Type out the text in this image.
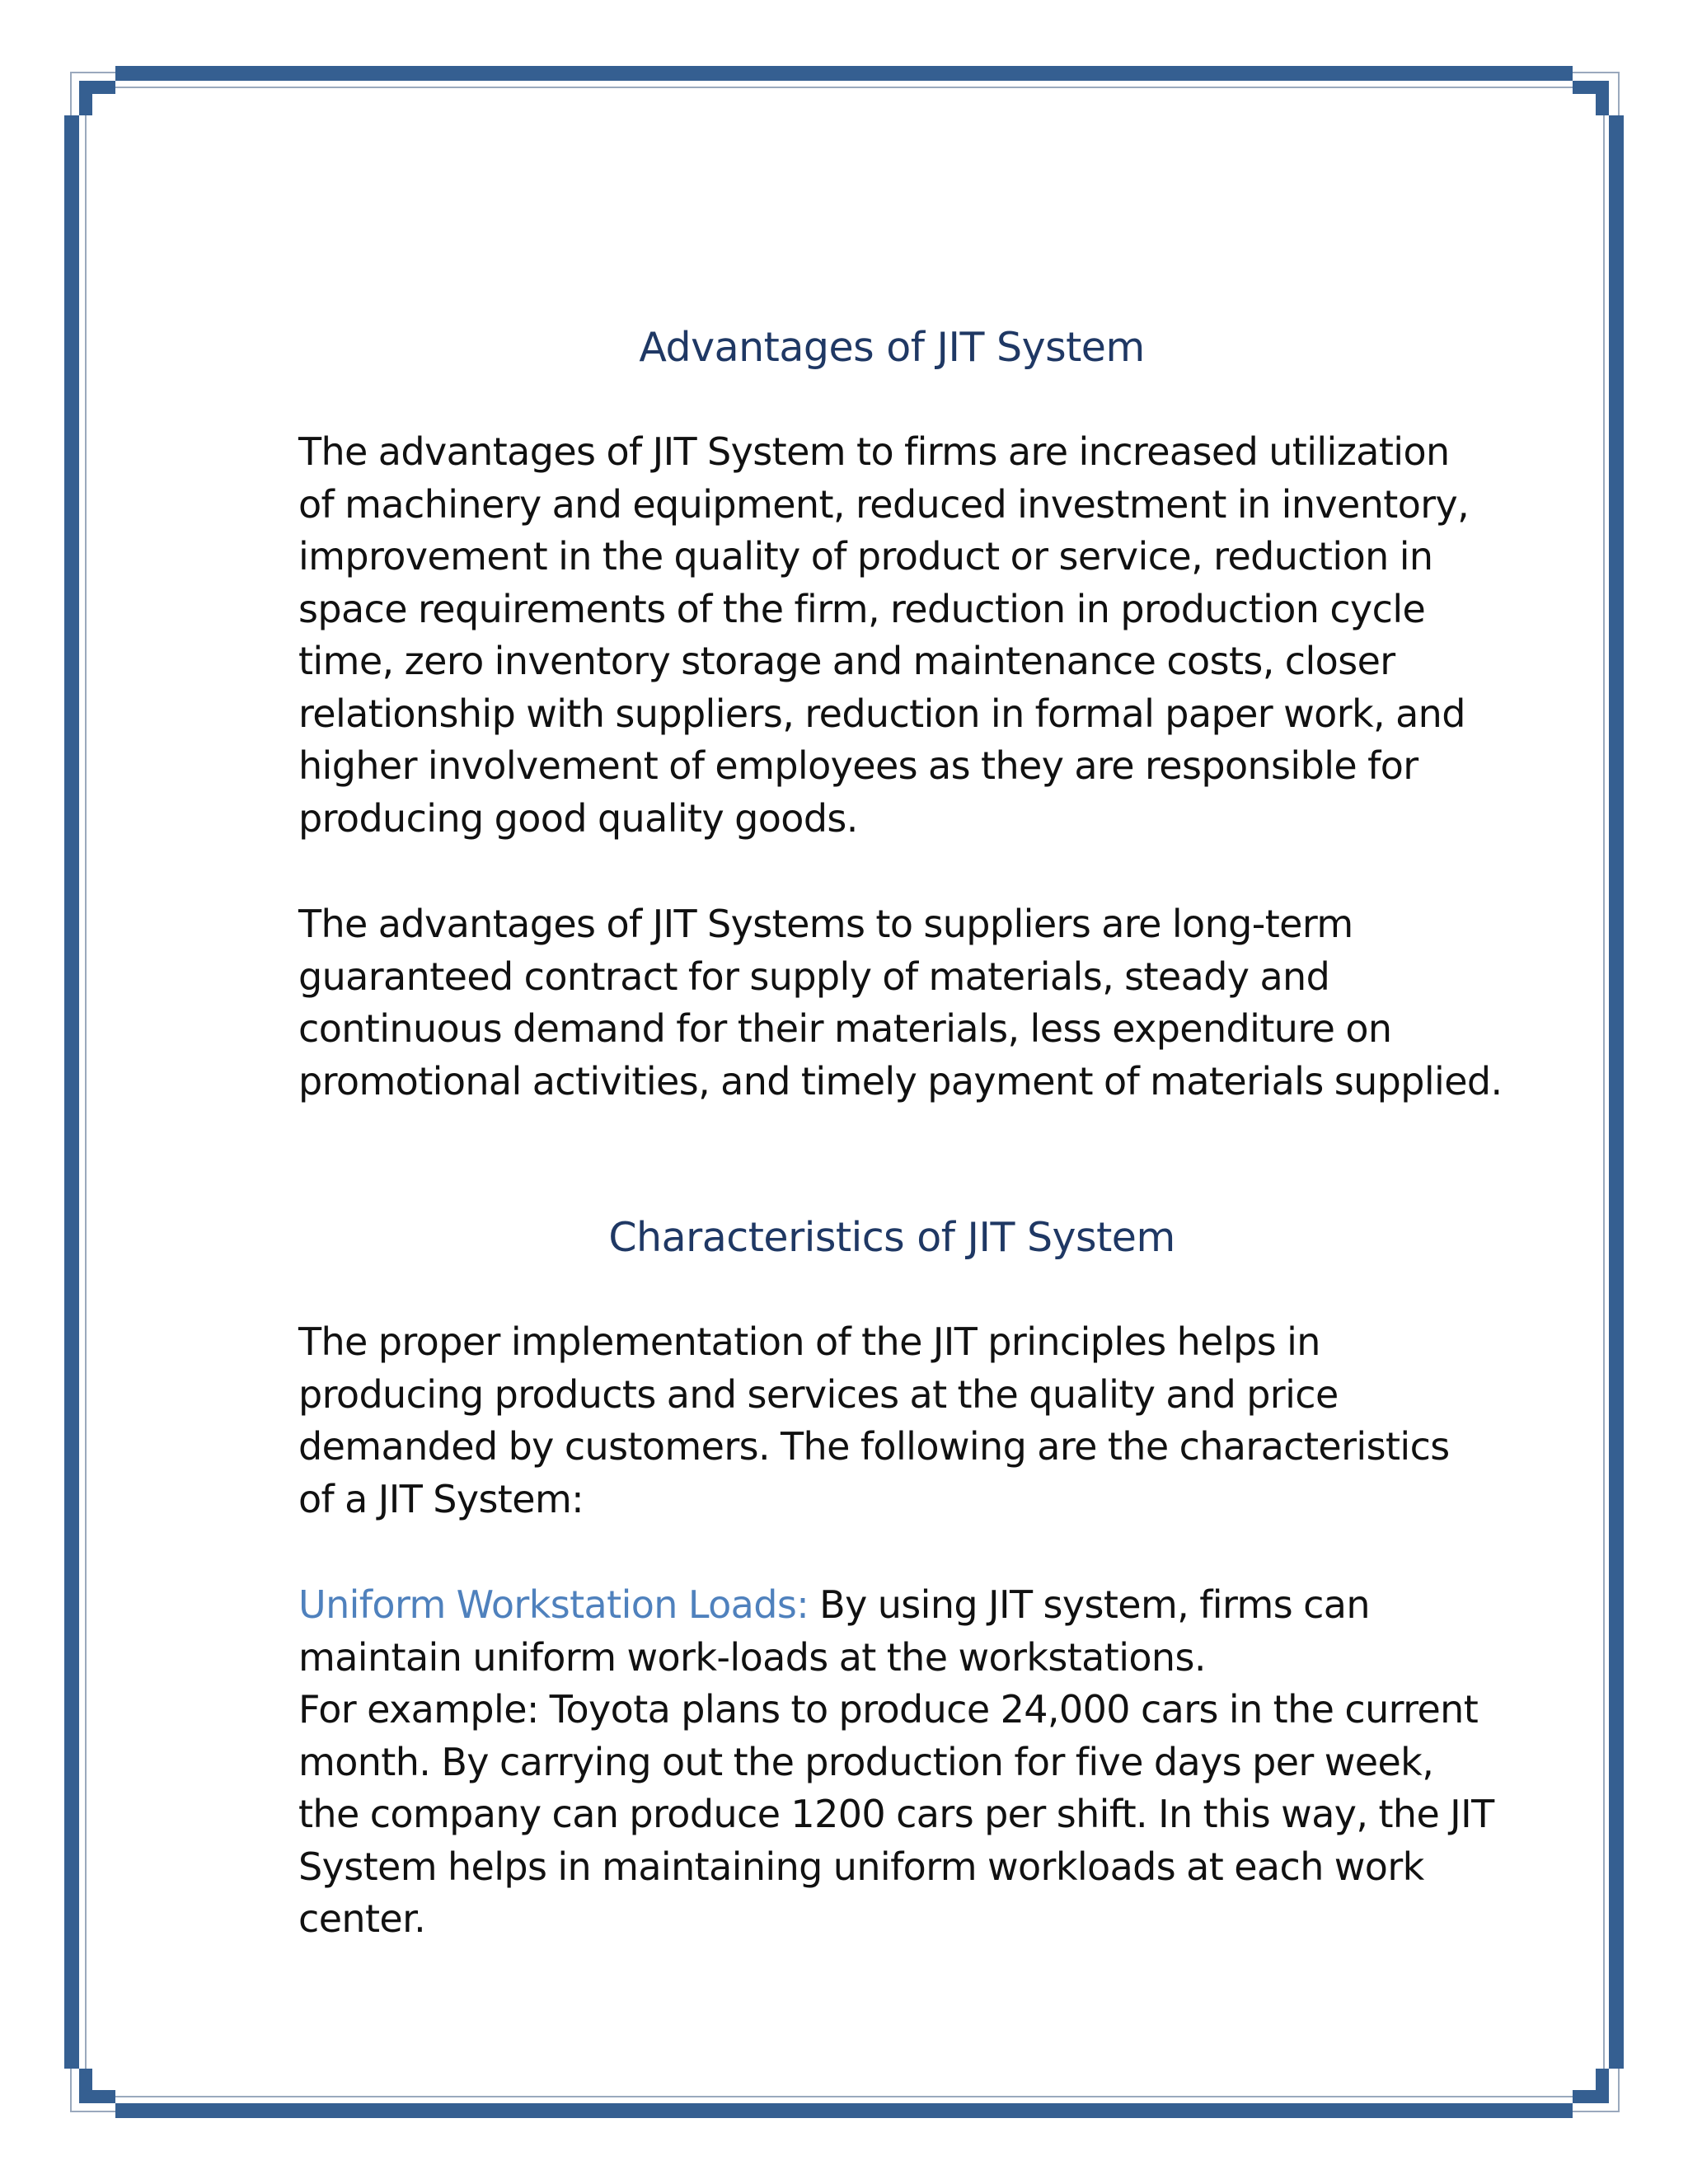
Advantages of JIT System

The advantages of JIT System to firms are increased utilization
of machinery and equipment, reduced investment in inventory,
improvement in the quality of product or service, reduction in
space requirements of the firm, reduction in production cycle
time, zero inventory storage and maintenance costs, closer
relationship with suppliers, reduction in formal paper work, and
higher involvement of employees as they are responsible for
producing good quality goods.

The advantages of JIT Systems to suppliers are long-term
guaranteed contract for supply of materials, steady and
continuous demand for their materials, less expenditure on
promotional activities, and timely payment of materials supplied.

Characteristics of JIT System

The proper implementation of the JIT principles helps in
producing products and services at the quality and price
demanded by customers. The following are the characteristics
of a JIT System:

Uniform Workstation Loads: By using JIT system, firms can
maintain uniform work-loads at the workstations.
For example: Toyota plans to produce 24,000 cars in the current
month. By carrying out the production for five days per week,
the company can produce 1200 cars per shift. In this way, the JIT
System helps in maintaining uniform workloads at each work
center.
